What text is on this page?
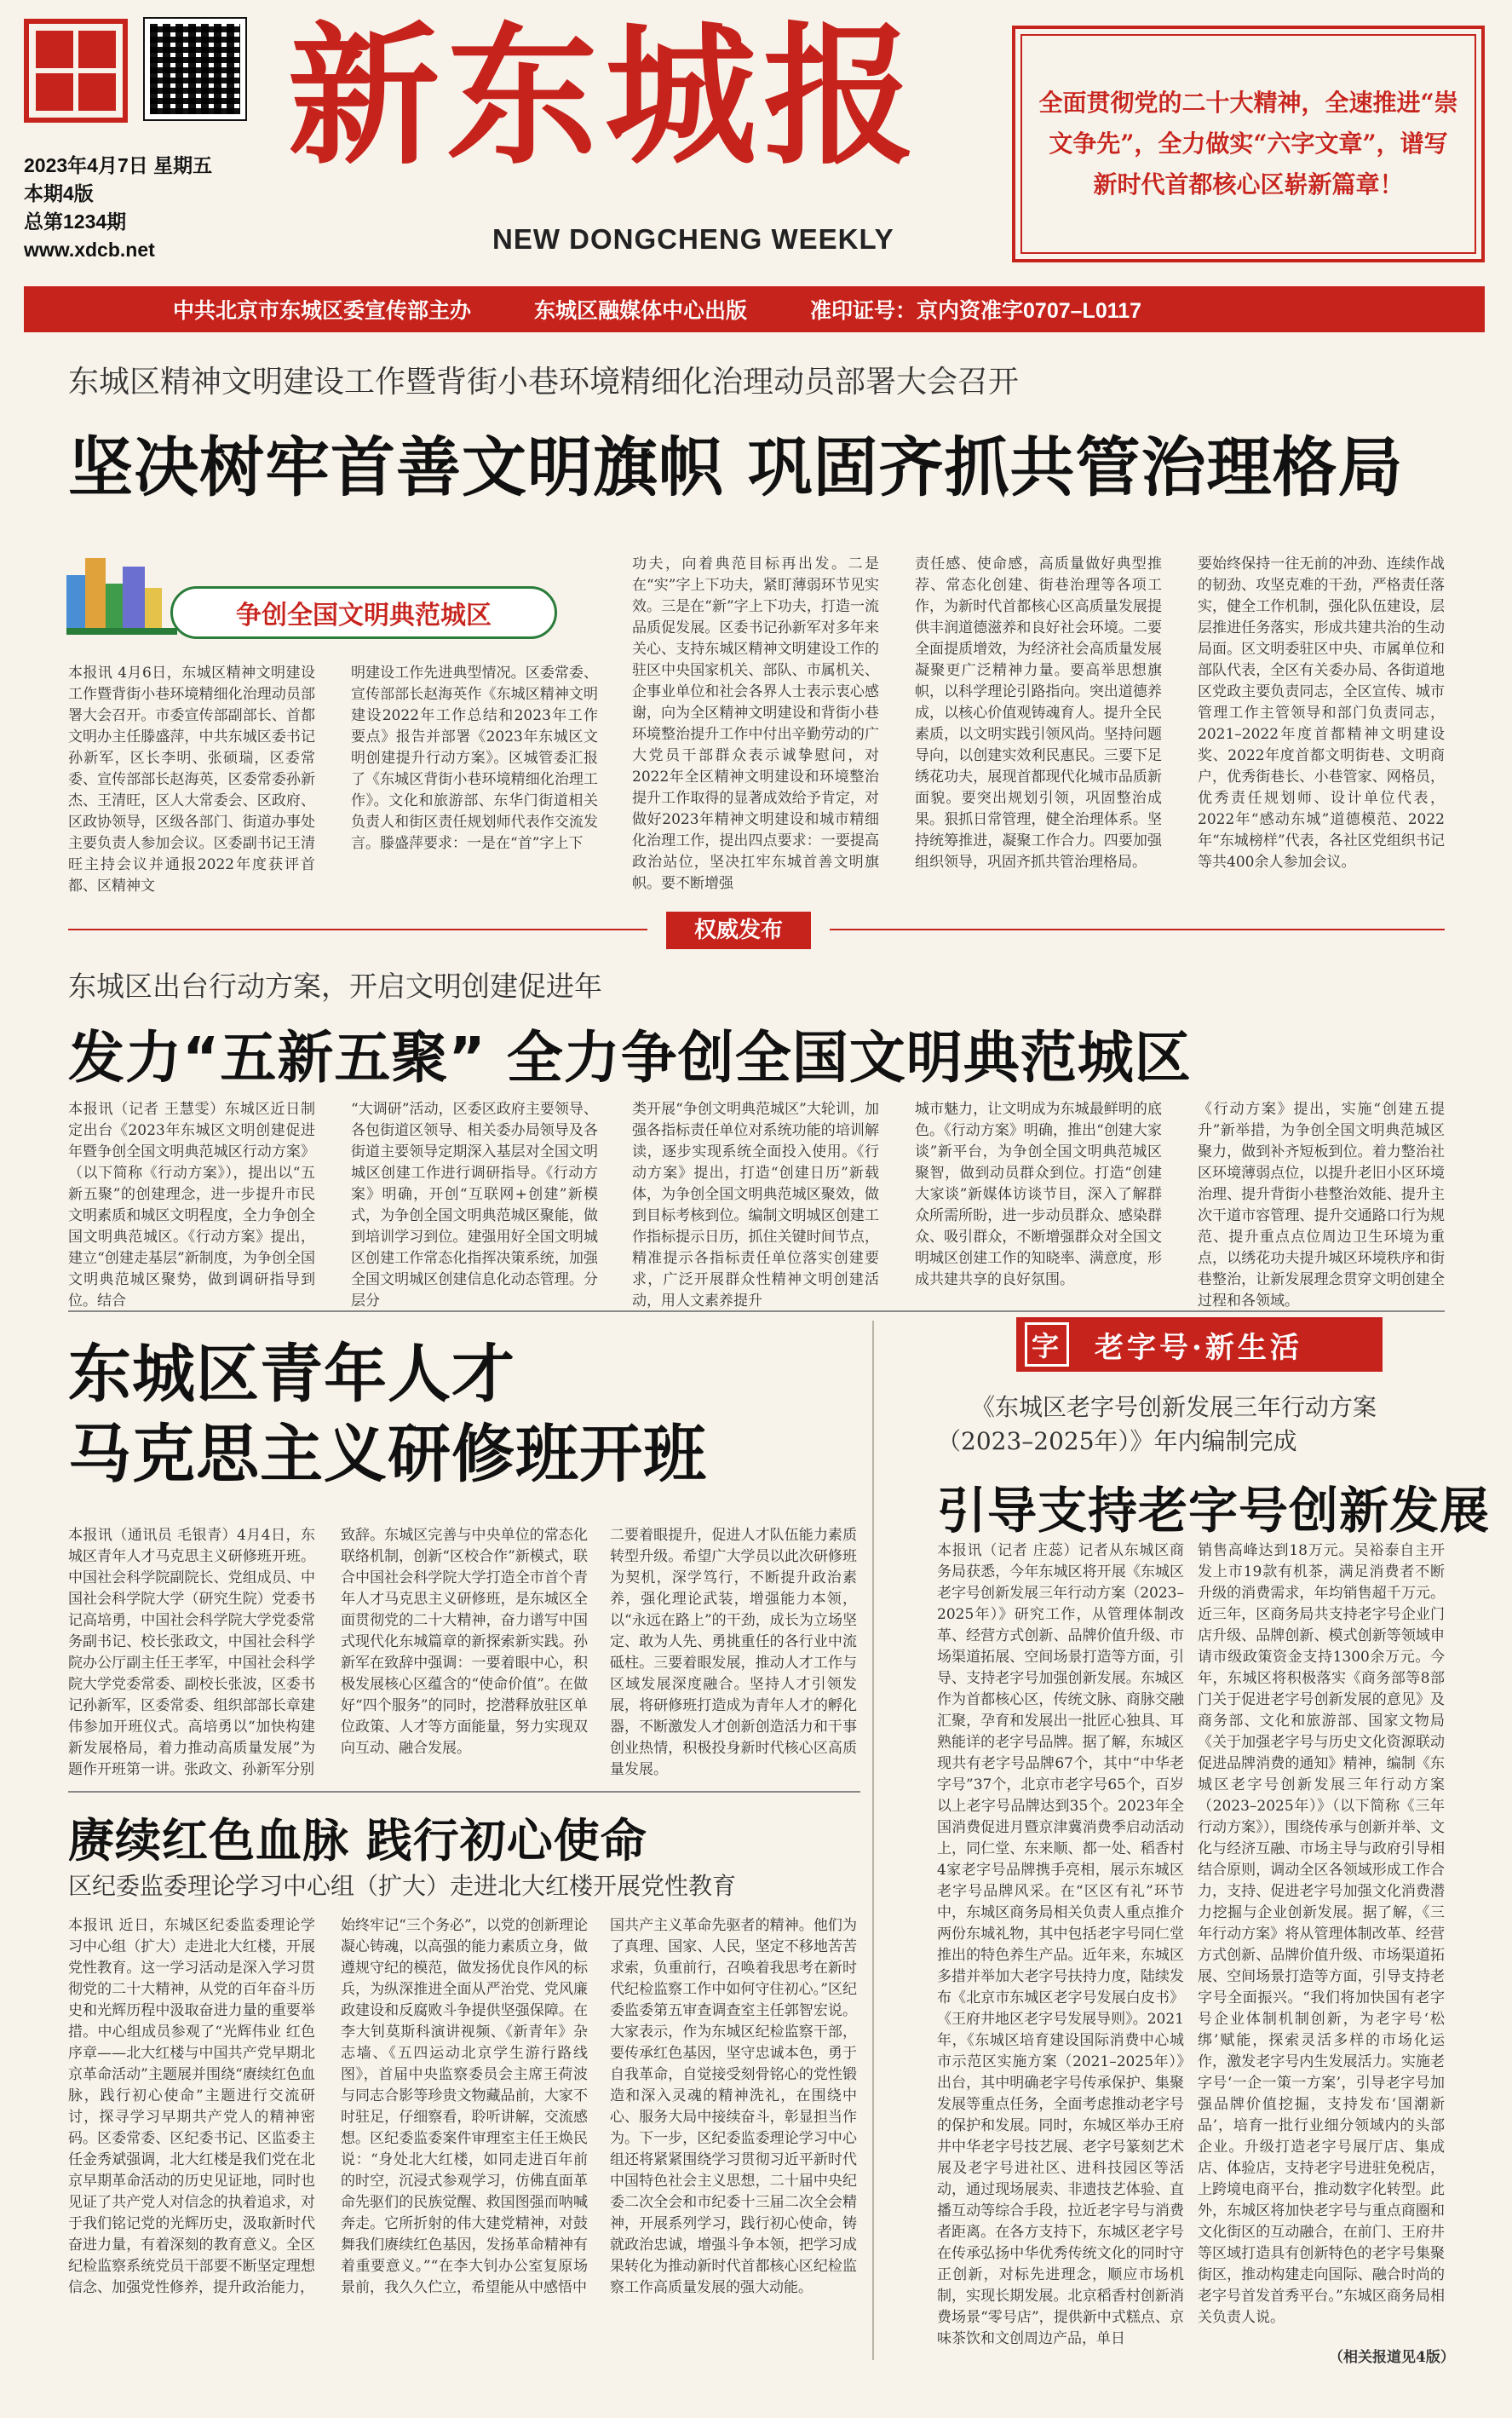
2023年4月7日 星期五
本期4版
总第1234期
www.xdcb.net
新东城报
NEW DONGCHENG WEEKLY
全面贯彻党的二十大精神，全速推进“崇文争先”，全力做实“六字文章”，谱写新时代首都核心区崭新篇章！
中共北京市东城区委宣传部主办	东城区融媒体中心出版	准印证号：京内资准字0707–L0117
东城区精神文明建设工作暨背街小巷环境精细化治理动员部署大会召开
坚决树牢首善文明旗帜 巩固齐抓共管治理格局
争创全国文明典范城区
本报讯 4月6日，东城区精神文明建设工作暨背街小巷环境精细化治理动员部署大会召开。市委宣传部副部长、首都文明办主任滕盛萍，中共东城区委书记孙新军，区长李明、张硕瑞，区委常委、宣传部部长赵海英，区委常委孙新杰、王清旺，区人大常委会、区政府、区政协领导，区级各部门、街道办事处主要负责人参加会议。区委副书记王清旺主持会议并通报2022年度获评首都、区精神文
明建设工作先进典型情况。区委常委、宣传部部长赵海英作《东城区精神文明建设2022年工作总结和2023年工作要点》报告并部署《2023年东城区文明创建提升行动方案》。区城管委汇报了《东城区背街小巷环境精细化治理工作》。文化和旅游部、东华门街道相关负责人和街区责任规划师代表作交流发言。滕盛萍要求：一是在“首”字上下
功夫，向着典范目标再出发。二是在“实”字上下功夫，紧盯薄弱环节见实效。三是在“新”字上下功夫，打造一流品质促发展。区委书记孙新军对多年来关心、支持东城区精神文明建设工作的驻区中央国家机关、部队、市属机关、企事业单位和社会各界人士表示衷心感谢，向为全区精神文明建设和背街小巷环境整治提升工作中付出辛勤劳动的广大党员干部群众表示诚挚慰问，对2022年全区精神文明建设和环境整治提升工作取得的显著成效给予肯定，对做好2023年精神文明建设和城市精细化治理工作，提出四点要求：一要提高政治站位，坚决扛牢东城首善文明旗帜。要不断增强
责任感、使命感，高质量做好典型推荐、常态化创建、街巷治理等各项工作，为新时代首都核心区高质量发展提供丰润道德滋养和良好社会环境。二要全面提质增效，为经济社会高质量发展凝聚更广泛精神力量。要高举思想旗帜，以科学理论引路指向。突出道德养成，以核心价值观铸魂育人。提升全民素质，以文明实践引领风尚。坚持问题导向，以创建实效利民惠民。三要下足绣花功夫，展现首都现代化城市品质新面貌。要突出规划引领，巩固整治成果。狠抓日常管理，健全治理体系。坚持统筹推进，凝聚工作合力。四要加强组织领导，巩固齐抓共管治理格局。
要始终保持一往无前的冲劲、连续作战的韧劲、攻坚克难的干劲，严格责任落实，健全工作机制，强化队伍建设，层层推进任务落实，形成共建共治的生动局面。区文明委驻区中央、市属单位和部队代表，全区有关委办局、各街道地区党政主要负责同志，全区宣传、城市管理工作主管领导和部门负责同志，2021–2022年度首都精神文明建设奖、2022年度首都文明街巷、文明商户，优秀街巷长、小巷管家、网格员，优秀责任规划师、设计单位代表，2022年“感动东城”道德模范、2022年“东城榜样”代表，各社区党组织书记等共400余人参加会议。
权威发布
东城区出台行动方案，开启文明创建促进年
发力“五新五聚” 全力争创全国文明典范城区
本报讯（记者 王慧雯）东城区近日制定出台《2023年东城区文明创建促进年暨争创全国文明典范城区行动方案》（以下简称《行动方案》），提出以“五新五聚”的创建理念，进一步提升市民文明素质和城区文明程度，全力争创全国文明典范城区。《行动方案》提出，建立“创建走基层”新制度，为争创全国文明典范城区聚势，做到调研指导到位。结合
“大调研”活动，区委区政府主要领导、各包街道区领导、相关委办局领导及各街道主要领导定期深入基层对全国文明城区创建工作进行调研指导。《行动方案》明确，开创“互联网+创建”新模式，为争创全国文明典范城区聚能，做到培训学习到位。建强用好全国文明城区创建工作常态化指挥决策系统，加强全国文明城区创建信息化动态管理。分层分
类开展“争创文明典范城区”大轮训，加强各指标责任单位对系统功能的培训解读，逐步实现系统全面投入使用。《行动方案》提出，打造“创建日历”新载体，为争创全国文明典范城区聚效，做到目标考核到位。编制文明城区创建工作指标提示日历，抓住关键时间节点，精准提示各指标责任单位落实创建要求，广泛开展群众性精神文明创建活动，用人文素养提升
城市魅力，让文明成为东城最鲜明的底色。《行动方案》明确，推出“创建大家谈”新平台，为争创全国文明典范城区聚智，做到动员群众到位。打造“创建大家谈”新媒体访谈节目，深入了解群众所需所盼，进一步动员群众、感染群众、吸引群众，不断增强群众对全国文明城区创建工作的知晓率、满意度，形成共建共享的良好氛围。
《行动方案》提出，实施“创建五提升”新举措，为争创全国文明典范城区聚力，做到补齐短板到位。着力整治社区环境薄弱点位，以提升老旧小区环境治理、提升背街小巷整治效能、提升主次干道市容管理、提升交通路口行为规范、提升重点点位周边卫生环境为重点，以绣花功夫提升城区环境秩序和街巷整治，让新发展理念贯穿文明创建全过程和各领域。
东城区青年人才
马克思主义研修班开班
本报讯（通讯员 毛银青）4月4日，东城区青年人才马克思主义研修班开班。中国社会科学院副院长、党组成员、中国社会科学院大学（研究生院）党委书记高培勇，中国社会科学院大学党委常务副书记、校长张政文，中国社会科学院办公厅副主任王孝军，中国社会科学院大学党委常委、副校长张波，区委书记孙新军，区委常委、组织部部长章建伟参加开班仪式。高培勇以“加快构建新发展格局，着力推动高质量发展”为题作开班第一讲。张政文、孙新军分别
致辞。东城区完善与中央单位的常态化联络机制，创新“区校合作”新模式，联合中国社会科学院大学打造全市首个青年人才马克思主义研修班，是东城区全面贯彻党的二十大精神，奋力谱写中国式现代化东城篇章的新探索新实践。孙新军在致辞中强调：一要着眼中心，积极发展核心区蕴含的“使命价值”。在做好“四个服务”的同时，挖潜释放驻区单位政策、人才等方面能量，努力实现双向互动、融合发展。
二要着眼提升，促进人才队伍能力素质转型升级。希望广大学员以此次研修班为契机，深学笃行，不断提升政治素养，强化理论武装，增强能力本领，以“永远在路上”的干劲，成长为立场坚定、敢为人先、勇挑重任的各行业中流砥柱。三要着眼发展，推动人才工作与区域发展深度融合。坚持人才引领发展，将研修班打造成为青年人才的孵化器，不断激发人才创新创造活力和干事创业热情，积极投身新时代核心区高质量发展。
赓续红色血脉 践行初心使命
区纪委监委理论学习中心组（扩大）走进北大红楼开展党性教育
本报讯 近日，东城区纪委监委理论学习中心组（扩大）走进北大红楼，开展党性教育。这一学习活动是深入学习贯彻党的二十大精神，从党的百年奋斗历史和光辉历程中汲取奋进力量的重要举措。中心组成员参观了“光辉伟业 红色序章——北大红楼与中国共产党早期北京革命活动”主题展并围绕“赓续红色血脉，践行初心使命”主题进行交流研讨，探寻学习早期共产党人的精神密码。区委常委、区纪委书记、区监委主任金秀斌强调，北大红楼是我们党在北京早期革命活动的历史见证地，同时也见证了共产党人对信念的执着追求，对于我们铭记党的光辉历史，汲取新时代奋进力量，有着深刻的教育意义。全区纪检监察系统党员干部要不断坚定理想信念、加强党性修养，提升政治能力，
始终牢记“三个务必”，以党的创新理论凝心铸魂，以高强的能力素质立身，做遵规守纪的模范，做发扬优良作风的标兵，为纵深推进全面从严治党、党风廉政建设和反腐败斗争提供坚强保障。在李大钊莫斯科演讲视频、《新青年》杂志墙、《五四运动北京学生游行路线图》，首届中央监察委员会主席王荷波与同志合影等珍贵文物藏品前，大家不时驻足，仔细察看，聆听讲解，交流感想。区纪委监委案件审理室主任王焕民说：“身处北大红楼，如同走进百年前的时空，沉浸式参观学习，仿佛直面革命先驱们的民族觉醒、救国图强而呐喊奔走。它所折射的伟大建党精神，对鼓舞我们赓续红色基因，发扬革命精神有着重要意义。”“在李大钊办公室复原场景前，我久久伫立，希望能从中感悟中
国共产主义革命先驱者的精神。他们为了真理、国家、人民，坚定不移地苦苦求索，负重前行，召唤着我思考在新时代纪检监察工作中如何守住初心。”区纪委监委第五审查调查室主任郭智宏说。大家表示，作为东城区纪检监察干部，要传承红色基因，坚守忠诚本色，勇于自我革命，自觉接受刻骨铭心的党性锻造和深入灵魂的精神洗礼，在围绕中心、服务大局中接续奋斗，彰显担当作为。下一步，区纪委监委理论学习中心组还将紧紧围绕学习贯彻习近平新时代中国特色社会主义思想，二十届中央纪委二次全会和市纪委十三届二次全会精神，开展系列学习，践行初心使命，铸就政治忠诚，增强斗争本领，把学习成果转化为推动新时代首都核心区纪检监察工作高质量发展的强大动能。
字 老字号·新生活
《东城区老字号创新发展三年行动方案（2023–2025年）》年内编制完成
引导支持老字号创新发展
本报讯（记者 庄蕊）记者从东城区商务局获悉，今年东城区将开展《东城区老字号创新发展三年行动方案（2023–2025年）》研究工作，从管理体制改革、经营方式创新、品牌价值升级、市场渠道拓展、空间场景打造等方面，引导、支持老字号加强创新发展。东城区作为首都核心区，传统文脉、商脉交融汇聚，孕育和发展出一批匠心独具、耳熟能详的老字号品牌。据了解，东城区现共有老字号品牌67个，其中“中华老字号”37个，北京市老字号65个，百岁以上老字号品牌达到35个。2023年全国消费促进月暨京津冀消费季启动活动上，同仁堂、东来顺、都一处、稻香村4家老字号品牌携手亮相，展示东城区老字号品牌风采。在“区区有礼”环节中，东城区商务局相关负责人重点推介两份东城礼物，其中包括老字号同仁堂推出的特色养生产品。近年来，东城区多措并举加大老字号扶持力度，陆续发布《北京市东城区老字号发展白皮书》《王府井地区老字号发展导则》。2021年，《东城区培育建设国际消费中心城市示范区实施方案（2021–2025年）》出台，其中明确老字号传承保护、集聚发展等重点任务，全面考虑推动老字号的保护和发展。同时，东城区举办王府井中华老字号技艺展、老字号篆刻艺术展及老字号进社区、进科技园区等活动，通过现场展卖、非遗技艺体验、直播互动等综合手段，拉近老字号与消费者距离。在各方支持下，东城区老字号在传承弘扬中华优秀传统文化的同时守正创新，对标先进理念，顺应市场机制，实现长期发展。北京稻香村创新消费场景“零号店”，提供新中式糕点、京味茶饮和文创周边产品，单日
销售高峰达到18万元。吴裕泰自主开发上市19款有机茶，满足消费者不断升级的消费需求，年均销售超千万元。近三年，区商务局共支持老字号企业门店升级、品牌创新、模式创新等领域申请市级政策资金支持1300余万元。今年，东城区将积极落实《商务部等8部门关于促进老字号创新发展的意见》及商务部、文化和旅游部、国家文物局《关于加强老字号与历史文化资源联动促进品牌消费的通知》精神，编制《东城区老字号创新发展三年行动方案（2023–2025年）》（以下简称《三年行动方案》），围绕传承与创新并举、文化与经济互融、市场主导与政府引导相结合原则，调动全区各领域形成工作合力，支持、促进老字号加强文化消费潜力挖掘与企业创新发展。据了解，《三年行动方案》将从管理体制改革、经营方式创新、品牌价值升级、市场渠道拓展、空间场景打造等方面，引导支持老字号全面振兴。“我们将加快国有老字号企业体制机制创新，为老字号‘松绑’赋能，探索灵活多样的市场化运作，激发老字号内生发展活力。实施老字号‘一企一策一方案’，引导老字号加强品牌价值挖掘，支持发布‘国潮新品’，培育一批行业细分领域内的头部企业。升级打造老字号展厅店、集成店、体验店，支持老字号进驻免税店，上跨境电商平台，推动数字化转型。此外，东城区将加快老字号与重点商圈和文化街区的互动融合，在前门、王府井等区域打造具有创新特色的老字号集聚街区，推动构建走向国际、融合时尚的老字号首发首秀平台。”东城区商务局相关负责人说。
（相关报道见4版）
